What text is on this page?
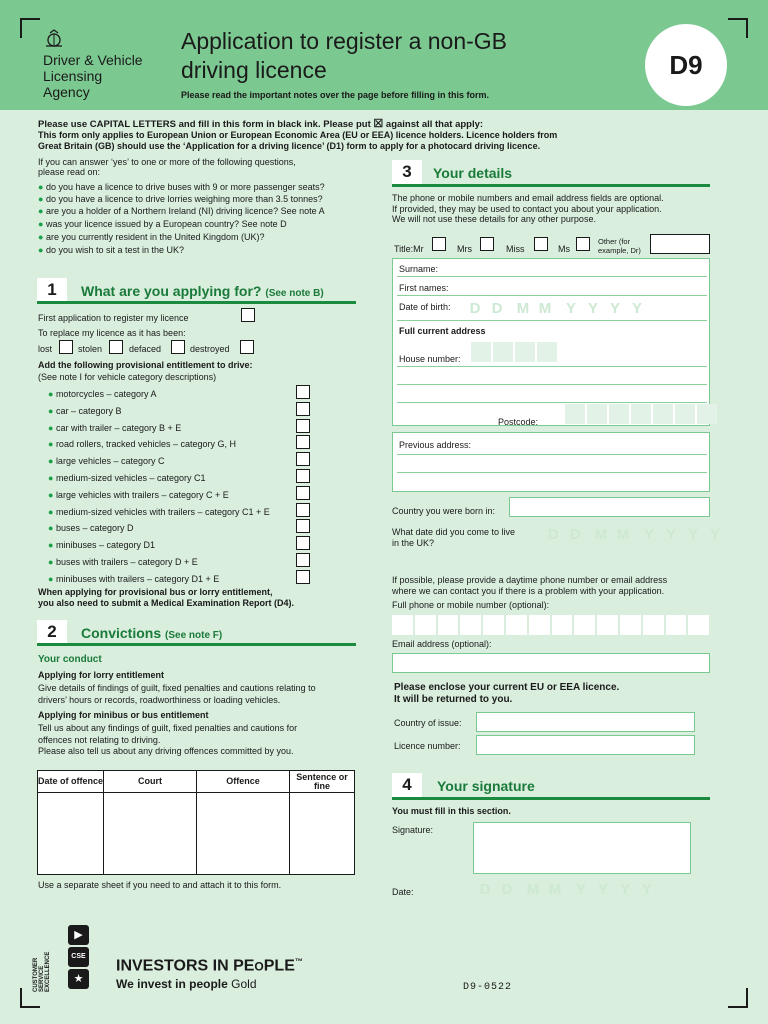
Driver & Vehicle
Licensing
Agency
Application to register a non-GB
driving licence
Please read the important notes over the page before filling in this form.
D9
Please use CAPITAL LETTERS and fill in this form in black ink. Please put ☒ against all that apply:
This form only applies to European Union or European Economic Area (EU or EEA) licence holders. Licence holders from
Great Britain (GB) should use the ‘Application for a driving licence’ (D1) form to apply for a photocard driving licence.
If you can answer ‘yes’ to one or more of the following questions,
please read on:
● do you have a licence to drive buses with 9 or more passenger seats?
● do you have a licence to drive lorries weighing more than 3.5 tonnes?
● are you a holder of a Northern Ireland (NI) driving licence? See note A
● was your licence issued by a European country? See note D
● are you currently resident in the United Kingdom (UK)?
● do you wish to sit a test in the UK?
1	What are you applying for? (See note B)
First application to register my licence
To replace my licence as it has been:
lost	stolen	defaced	destroyed
Add the following provisional entitlement to drive:
(See note I for vehicle category descriptions)
● motorcycles – category A
● car – category B
● car with trailer – category B + E
● road rollers, tracked vehicles – category G, H
● large vehicles – category C
● medium-sized vehicles – category C1
● large vehicles with trailers – category C + E
● medium-sized vehicles with trailers – category C1 + E
● buses – category D
● minibuses – category D1
● buses with trailers – category D + E
● minibuses with trailers – category D1 + E
When applying for provisional bus or lorry entitlement,
you also need to submit a Medical Examination Report (D4).
2	Convictions (See note F)
Your conduct
Applying for lorry entitlement
Give details of findings of guilt, fixed penalties and cautions relating to
drivers’ hours or records, roadworthiness or loading vehicles.
Applying for minibus or bus entitlement
Tell us about any findings of guilt, fixed penalties and cautions for
offences not relating to driving.
Please also tell us about any driving offences committed by you.
Date of offence	Court	Offence	Sentence or fine

Use a separate sheet if you need to and attach it to this form.
3	Your details
The phone or mobile numbers and email address fields are optional.
If provided, they may be used to contact you about your application.
We will not use these details for any other purpose.
Title:Mr	Mrs	Miss	Ms
Other (for
example, Dr)
Surname:
First names:
Date of birth:	D D M M Y Y Y Y
Full current address
House number:
Postcode:
Previous address:
Country you were born in:
What date did you come to live
in the UK?	D D M M Y Y Y Y
If possible, please provide a daytime phone number or email address
where we can contact you if there is a problem with your application.
Full phone or mobile number (optional):
Email address (optional):
Please enclose your current EU or EEA licence.
It will be returned to you.
Country of issue:
Licence number:
4	Your signature
You must fill in this section.
Signature:
Date:	D D M M Y Y Y Y
CUSTOMER SERVICE EXCELLENCE
▶
CSE
★
INVESTORS IN PEOPLE™
We invest in people Gold	D9-0522
